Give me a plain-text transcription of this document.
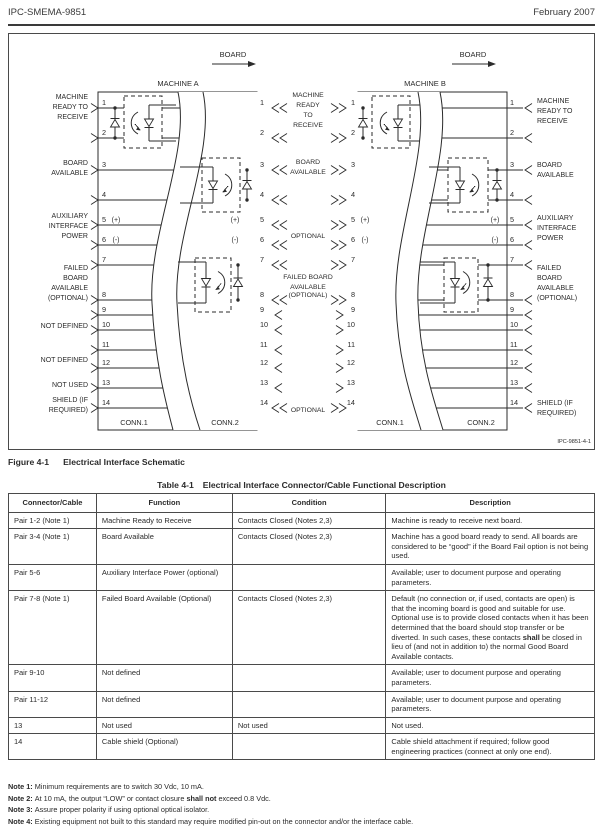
IPC-SMEMA-9851	February 2007
BOARD	BOARD
MACHINE A	MACHINE B
CONN.1	CONN.2	CONN.1	CONN.2
(+)
(-)
(+)
(-)
(+)
(-)
(+)
(-)
MACHINE
READY
TO
RECEIVE
BOARD
AVAILABLE
OPTIONAL
FAILED BOARD
AVAILABLE
(OPTIONAL)
OPTIONAL
1	1	1	1
2	2	2	2
3	3	3	3
4	4	4	4
5	5	5	5
6	6	6	6
7	7	7	7
8	8	8	8
9	9	9	9
10	10	10	10
11	11	11	11
12	12	12	12
13	13	13	13
14	14	14	14
MACHINE
READY TO
RECEIVE
BOARD
AVAILABLE
AUXILIARY
INTERFACE
POWER
FAILED
BOARD
AVAILABLE
(OPTIONAL)
NOT DEFINED
NOT DEFINED
NOT USED
SHIELD (IF
REQUIRED)
MACHINE
READY TO
RECEIVE
BOARD
AVAILABLE
AUXILIARY
INTERFACE
POWER
FAILED
BOARD
AVAILABLE
(OPTIONAL)
SHIELD (IF
REQUIRED)
IPC-9851-4-1
Figure 4-1 Electrical Interface Schematic
Table 4-1 Electrical Interface Connector/Cable Functional Description
Connector/Cable	Function	Condition	Description
Pair 1-2 (Note 1)	Machine Ready to Receive	Contacts Closed (Notes 2,3)	Machine is ready to receive next board.
Pair 3-4 (Note 1)	Board Available	Contacts Closed (Notes 2,3)	Machine has a good board ready to send. All boards are considered to be “good” if the Board Fail option is not being used.
Pair 5-6	Auxiliary Interface Power (optional)		Available; user to document purpose and operating parameters.
Pair 7-8 (Note 1)	Failed Board Available (Optional)	Contacts Closed (Notes 2,3)	Default (no connection or, if used, contacts are open) is that the incoming board is good and suitable for use. Optional use is to provide closed contacts when it has been determined that the board should stop transfer or be diverted. In such cases, these contacts shall be closed in lieu of (and not in addition to) the normal Good Board Available contacts.
Pair 9-10	Not defined		Available; user to document purpose and operating parameters.
Pair 11-12	Not defined		Available; user to document purpose and operating parameters.
13	Not used	Not used	Not used.
14	Cable shield (Optional)		Cable shield attachment if required; follow good engineering practices (connect at only one end).
Note 1: Minimum requirements are to switch 30 Vdc, 10 mA.
Note 2: At 10 mA, the output “LOW” or contact closure shall not exceed 0.8 Vdc.
Note 3: Assure proper polarity if using optional optical isolator.
Note 4: Existing equipment not built to this standard may require modified pin-out on the connector and/or the interface cable.
